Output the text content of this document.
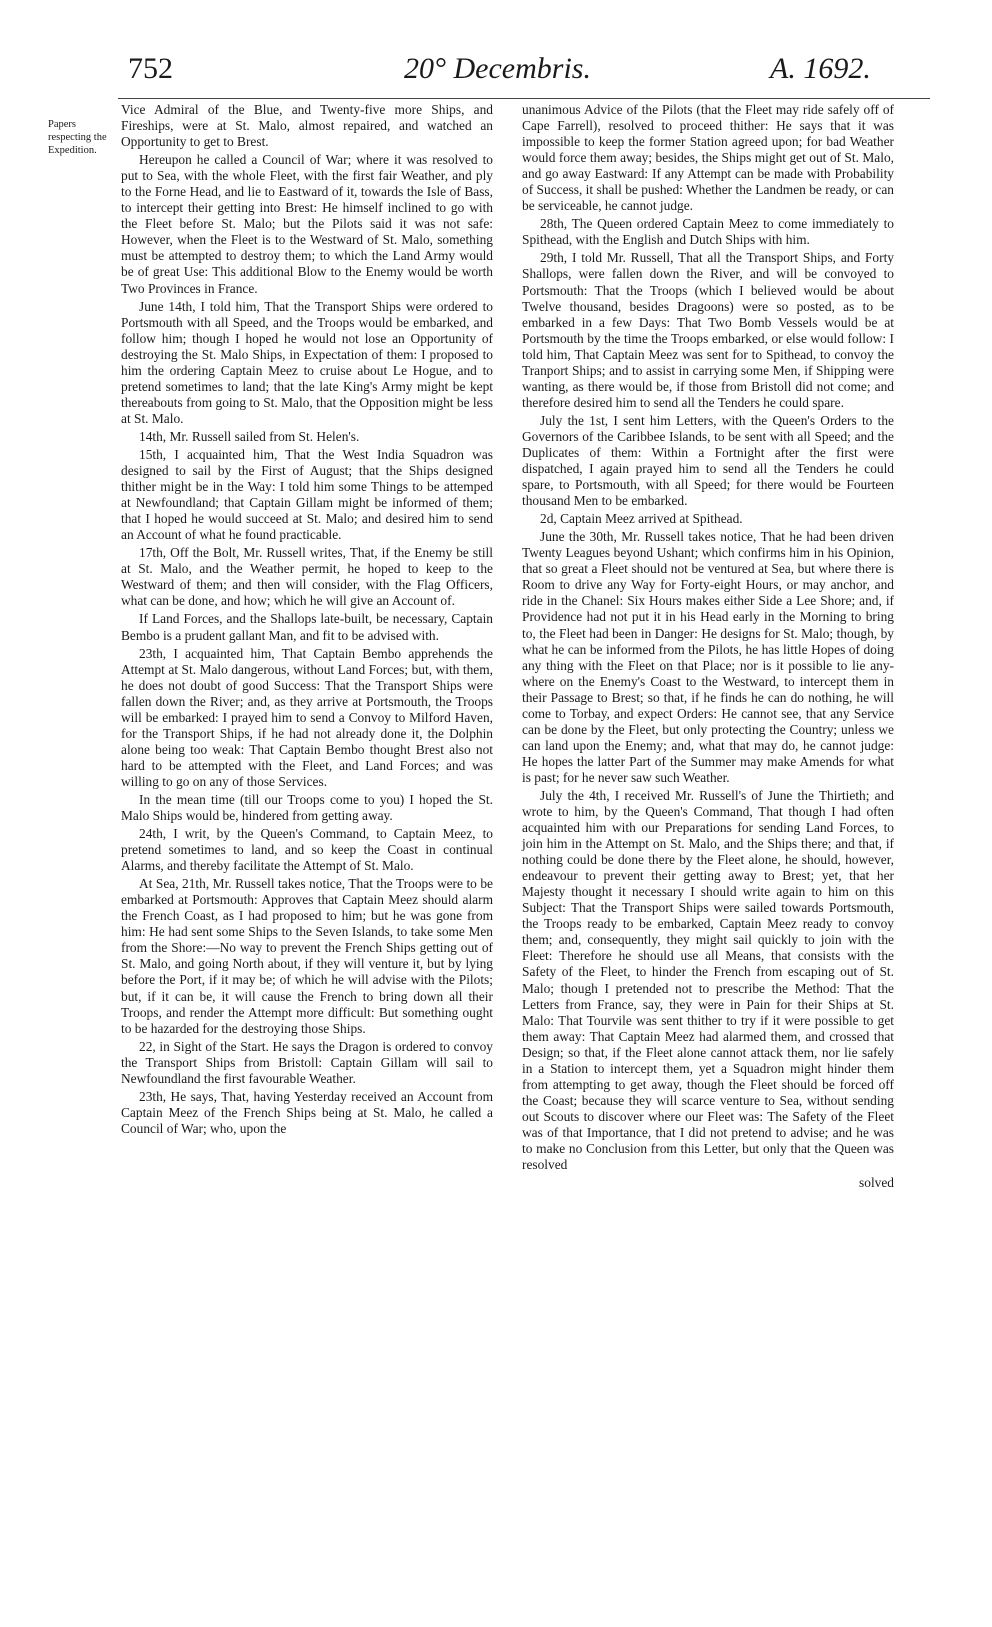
752	20° Decembris.	A. 1692.
Papers respecting the Expedition.

Vice Admiral of the Blue, and Twenty-five more Ships, and Fireships, were at St. Malo, almost repaired, and watched an Opportunity to get to Brest.

Hereupon he called a Council of War; where it was resolved to put to Sea, with the whole Fleet, with the first fair Weather, and ply to the Forne Head, and lie to Eastward of it, towards the Isle of Bass, to intercept their getting into Brest: He himself inclined to go with the Fleet before St. Malo; but the Pilots said it was not safe: However, when the Fleet is to the Westward of St. Malo, something must be attempted to destroy them; to which the Land Army would be of great Use: This additional Blow to the Enemy would be worth Two Provinces in France.

June 14th, I told him, That the Transport Ships were ordered to Portsmouth with all Speed, and the Troops would be embarked, and follow him; though I hoped he would not lose an Opportunity of destroying the St. Malo Ships, in Expectation of them: I proposed to him the ordering Captain Meez to cruise about Le Hogue, and to pretend sometimes to land; that the late King's Army might be kept thereabouts from going to St. Malo, that the Opposition might be less at St. Malo.

14th, Mr. Russell sailed from St. Helen's.

15th, I acquainted him, That the West India Squadron was designed to sail by the First of August; that the Ships designed thither might be in the Way: I told him some Things to be attemped at Newfoundland; that Captain Gillam might be informed of them; that I hoped he would succeed at St. Malo; and desired him to send an Account of what he found practicable.

17th, Off the Bolt, Mr. Russell writes, That, if the Enemy be still at St. Malo, and the Weather permit, he hoped to keep to the Westward of them; and then will consider, with the Flag Officers, what can be done, and how; which he will give an Account of.

If Land Forces, and the Shallops late-built, be necessary, Captain Bembo is a prudent gallant Man, and fit to be advised with.

23th, I acquainted him, That Captain Bembo apprehends the Attempt at St. Malo dangerous, without Land Forces; but, with them, he does not doubt of good Success: That the Transport Ships were fallen down the River; and, as they arrive at Portsmouth, the Troops will be embarked: I prayed him to send a Convoy to Milford Haven, for the Transport Ships, if he had not already done it, the Dolphin alone being too weak: That Captain Bembo thought Brest also not hard to be attempted with the Fleet, and Land Forces; and was willing to go on any of those Services.

In the mean time (till our Troops come to you) I hoped the St. Malo Ships would be, hindered from getting away.

24th, I writ, by the Queen's Command, to Captain Meez, to pretend sometimes to land, and so keep the Coast in continual Alarms, and thereby facilitate the Attempt of St. Malo.

At Sea, 21th, Mr. Russell takes notice, That the Troops were to be embarked at Portsmouth: Approves that Captain Meez should alarm the French Coast, as I had proposed to him; but he was gone from him: He had sent some Ships to the Seven Islands, to take some Men from the Shore:—No way to prevent the French Ships getting out of St. Malo, and going North about, if they will venture it, but by lying before the Port, if it may be; of which he will advise with the Pilots; but, if it can be, it will cause the French to bring down all their Troops, and render the Attempt more difficult: But something ought to be hazarded for the destroying those Ships.

22, in Sight of the Start. He says the Dragon is ordered to convoy the Transport Ships from Bristoll: Captain Gillam will sail to Newfoundland the first favourable Weather.

23th, He says, That, having Yesterday received an Account from Captain Meez of the French Ships being at St. Malo, he called a Council of War; who, upon the

unanimous Advice of the Pilots (that the Fleet may ride safely off of Cape Farrell), resolved to proceed thither: He says that it was impossible to keep the former Station agreed upon; for bad Weather would force them away; besides, the Ships might get out of St. Malo, and go away Eastward: If any Attempt can be made with Probability of Success, it shall be pushed: Whether the Landmen be ready, or can be serviceable, he cannot judge.

28th, The Queen ordered Captain Meez to come immediately to Spithead, with the English and Dutch Ships with him.

29th, I told Mr. Russell, That all the Transport Ships, and Forty Shallops, were fallen down the River, and will be convoyed to Portsmouth: That the Troops (which I believed would be about Twelve thousand, besides Dragoons) were so posted, as to be embarked in a few Days: That Two Bomb Vessels would be at Portsmouth by the time the Troops embarked, or else would follow: I told him, That Captain Meez was sent for to Spithead, to convoy the Tranport Ships; and to assist in carrying some Men, if Shipping were wanting, as there would be, if those from Bristoll did not come; and therefore desired him to send all the Tenders he could spare.

July the 1st, I sent him Letters, with the Queen's Orders to the Governors of the Caribbee Islands, to be sent with all Speed; and the Duplicates of them: Within a Fortnight after the first were dispatched, I again prayed him to send all the Tenders he could spare, to Portsmouth, with all Speed; for there would be Fourteen thousand Men to be embarked.

2d, Captain Meez arrived at Spithead.

June the 30th, Mr. Russell takes notice, That he had been driven Twenty Leagues beyond Ushant; which confirms him in his Opinion, that so great a Fleet should not be ventured at Sea, but where there is Room to drive any Way for Forty-eight Hours, or may anchor, and ride in the Chanel: Six Hours makes either Side a Lee Shore; and, if Providence had not put it in his Head early in the Morning to bring to, the Fleet had been in Danger: He designs for St. Malo; though, by what he can be informed from the Pilots, he has little Hopes of doing any thing with the Fleet on that Place; nor is it possible to lie any-where on the Enemy's Coast to the Westward, to intercept them in their Passage to Brest; so that, if he finds he can do nothing, he will come to Torbay, and expect Orders: He cannot see, that any Service can be done by the Fleet, but only protecting the Country; unless we can land upon the Enemy; and, what that may do, he cannot judge: He hopes the latter Part of the Summer may make Amends for what is past; for he never saw such Weather.

July the 4th, I received Mr. Russell's of June the Thirtieth; and wrote to him, by the Queen's Command, That though I had often acquainted him with our Preparations for sending Land Forces, to join him in the Attempt on St. Malo, and the Ships there; and that, if nothing could be done there by the Fleet alone, he should, however, endeavour to prevent their getting away to Brest; yet, that her Majesty thought it necessary I should write again to him on this Subject: That the Transport Ships were sailed towards Portsmouth, the Troops ready to be embarked, Captain Meez ready to convoy them; and, consequently, they might sail quickly to join with the Fleet: Therefore he should use all Means, that consists with the Safety of the Fleet, to hinder the French from escaping out of St. Malo; though I pretended not to prescribe the Method: That the Letters from France, say, they were in Pain for their Ships at St. Malo: That Tourvile was sent thither to try if it were possible to get them away: That Captain Meez had alarmed them, and crossed that Design; so that, if the Fleet alone cannot attack them, nor lie safely in a Station to intercept them, yet a Squadron might hinder them from attempting to get away, though the Fleet should be forced off the Coast; because they will scarce venture to Sea, without sending out Scouts to discover where our Fleet was: The Safety of the Fleet was of that Importance, that I did not pretend to advise; and he was to make no Conclusion from this Letter, but only that the Queen was resolved

solved
